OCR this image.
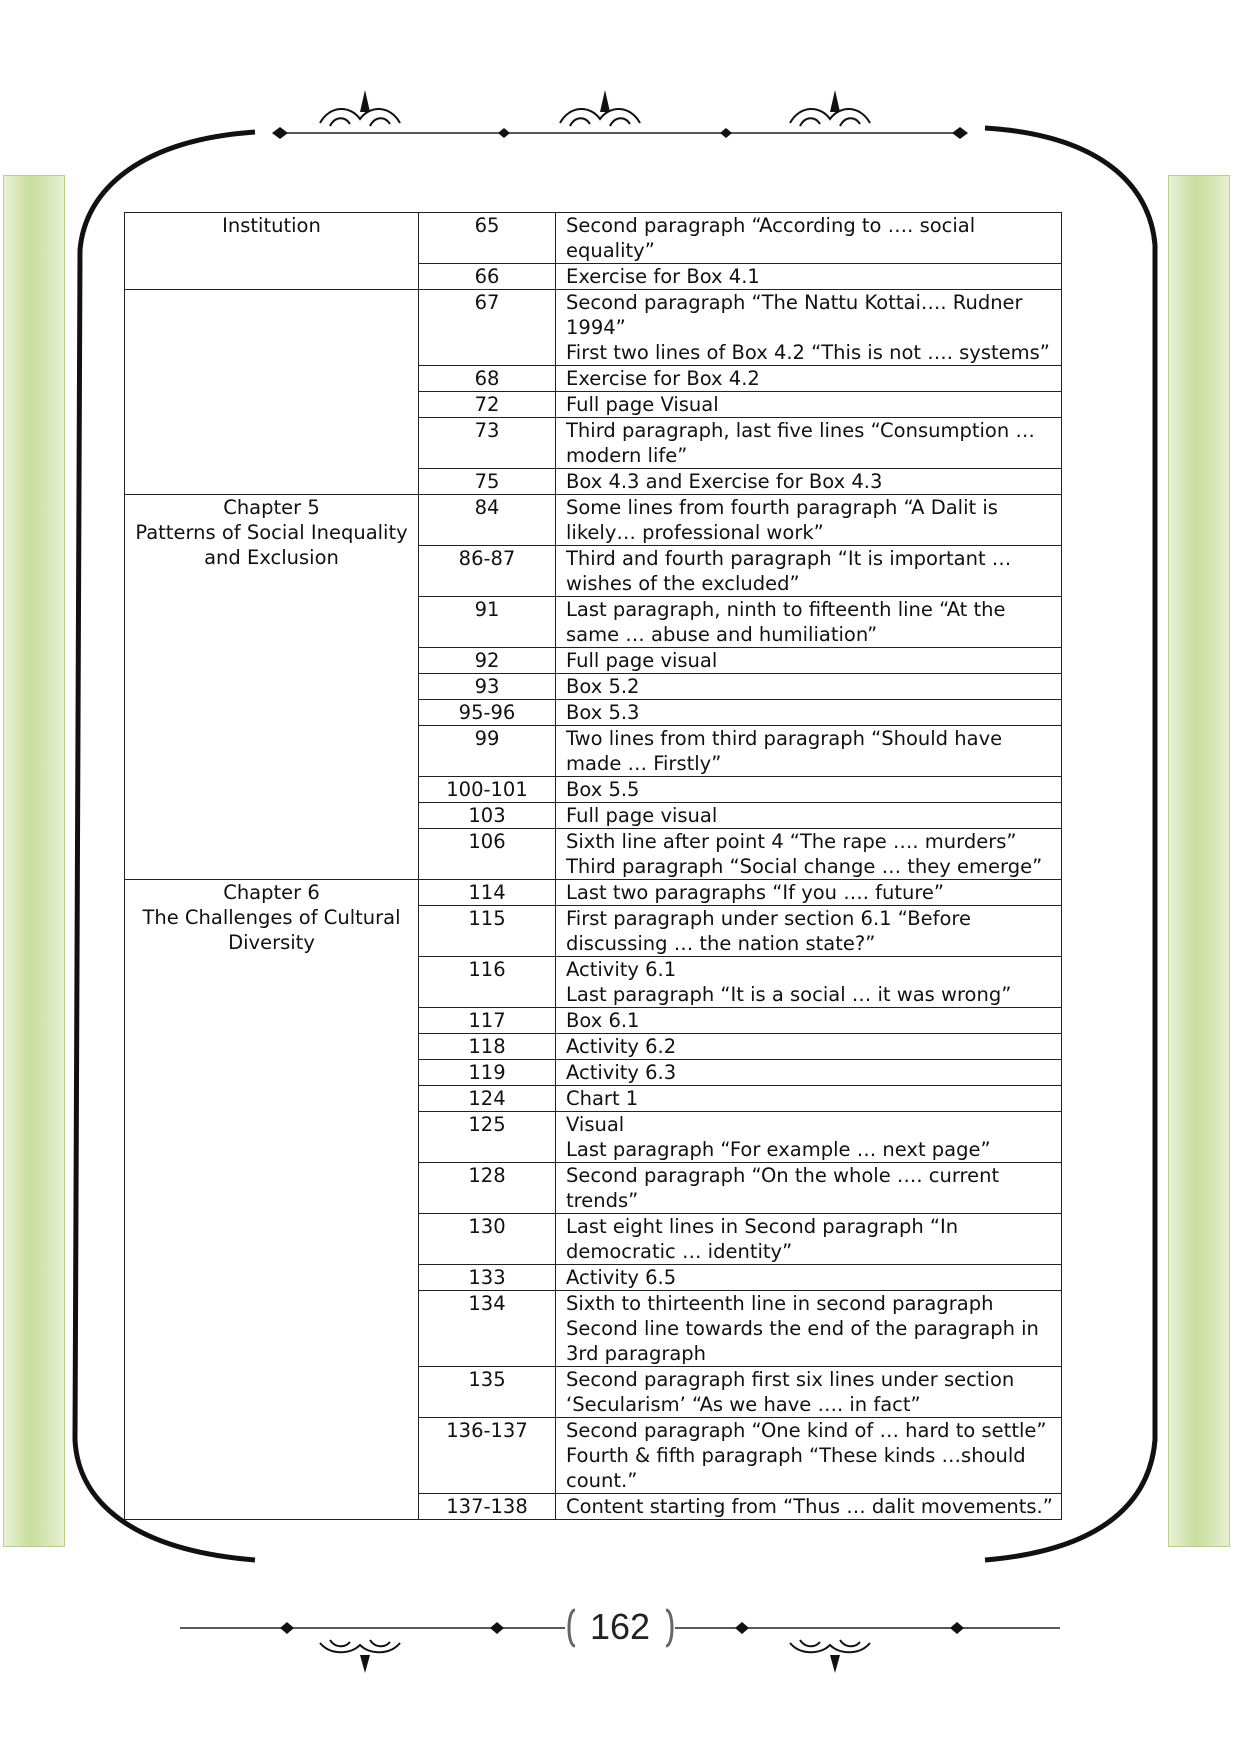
Institution	65	Second paragraph “According to …. social
equality”

	66	Exercise for Box 4.1

	67	Second paragraph “The Nattu Kottai…. Rudner
1994”
First two lines of Box 4.2 “This is not …. systems”

	68	Exercise for Box 4.2

	72	Full page Visual

	73	Third paragraph, last five lines “Consumption …
modern life”

	75	Box 4.3 and Exercise for Box 4.3

Chapter 5
Patterns of Social Inequality
and Exclusion	84	Some lines from fourth paragraph “A Dalit is
likely… professional work”

	86-87	Third and fourth paragraph “It is important …
wishes of the excluded”

	91	Last paragraph, ninth to fifteenth line “At the
same … abuse and humiliation”

	92	Full page visual

	93	Box 5.2

	95-96	Box 5.3

	99	Two lines from third paragraph “Should have
made … Firstly”

	100-101	Box 5.5

	103	Full page visual

	106	Sixth line after point 4 “The rape …. murders”
Third paragraph “Social change … they emerge”

Chapter 6
The Challenges of Cultural
Diversity	114	Last two paragraphs “If you …. future”

	115	First paragraph under section 6.1 “Before
discussing … the nation state?”

	116	Activity 6.1
Last paragraph “It is a social … it was wrong”

	117	Box 6.1

	118	Activity 6.2

	119	Activity 6.3

	124	Chart 1

	125	Visual
Last paragraph “For example … next page”

	128	Second paragraph “On the whole …. current
trends”

	130	Last eight lines in Second paragraph “In
democratic … identity”

	133	Activity 6.5

	134	Sixth to thirteenth line in second paragraph
Second line towards the end of the paragraph in
3rd paragraph

	135	Second paragraph first six lines under section
‘Secularism’ “As we have …. in fact”

	136-137	Second paragraph “One kind of … hard to settle”
Fourth & fifth paragraph “These kinds …should
count.”

	137-138	Content starting from “Thus … dalit movements.”
162
